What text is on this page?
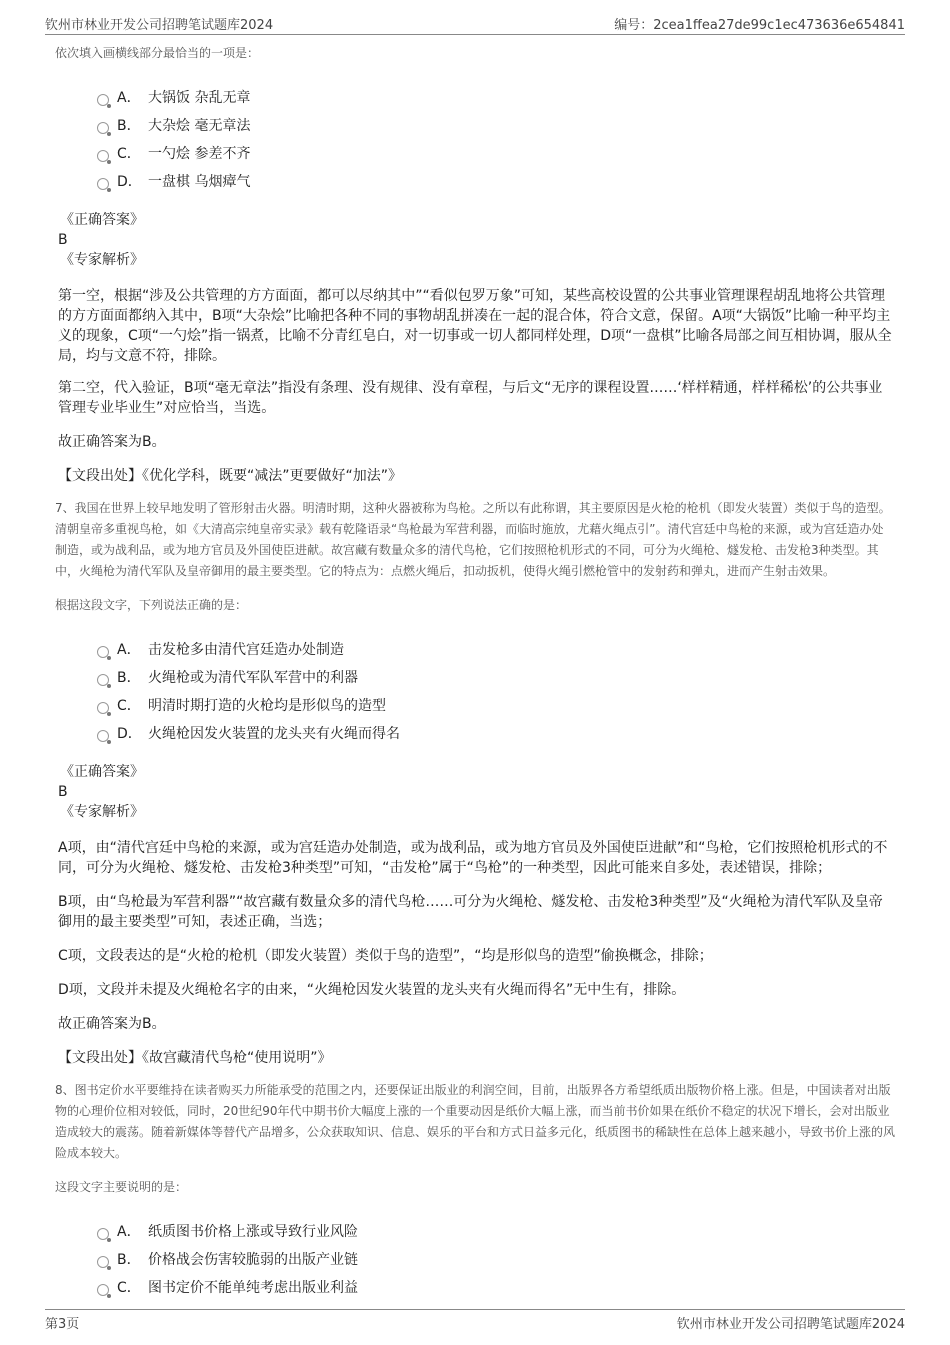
钦州市林业开发公司招聘笔试题库2024	编号：2cea1ffea27de99c1ec473636e654841

依次填入画横线部分最恰当的一项是：

A． 大锅饭 杂乱无章
B． 大杂烩 毫无章法
C． 一勺烩 参差不齐
D． 一盘棋 乌烟瘴气

《正确答案》

B

《专家解析》

第一空，根据“涉及公共管理的方方面面，都可以尽纳其中”“看似包罗万象”可知，某些高校设置的公共事业管理课程胡乱地将公共管理的方方面面都纳入其中，B项“大杂烩”比喻把各种不同的事物胡乱拼凑在一起的混合体，符合文意，保留。A项“大锅饭”比喻一种平均主义的现象，C项“一勺烩”指一锅煮，比喻不分青红皂白，对一切事或一切人都同样处理，D项“一盘棋”比喻各局部之间互相协调，服从全局，均与文意不符，排除。

第二空，代入验证，B项“毫无章法”指没有条理、没有规律、没有章程，与后文“无序的课程设置……‘样样精通，样样稀松’的公共事业管理专业毕业生”对应恰当，当选。

故正确答案为B。

【文段出处】《优化学科，既要“减法”更要做好“加法”》

7、我国在世界上较早地发明了管形射击火器。明清时期，这种火器被称为鸟枪。之所以有此称谓，其主要原因是火枪的枪机（即发火装置）类似于鸟的造型。清朝皇帝多重视鸟枪，如《大清高宗纯皇帝实录》载有乾隆语录“鸟枪最为军营利器，而临时施放，尤藉火绳点引”。清代宫廷中鸟枪的来源，或为宫廷造办处制造，或为战利品，或为地方官员及外国使臣进献。故宫藏有数量众多的清代鸟枪，它们按照枪机形式的不同，可分为火绳枪、燧发枪、击发枪3种类型。其中，火绳枪为清代军队及皇帝御用的最主要类型。它的特点为：点燃火绳后，扣动扳机，使得火绳引燃枪管中的发射药和弹丸，进而产生射击效果。

根据这段文字，下列说法正确的是：

A． 击发枪多由清代宫廷造办处制造
B． 火绳枪或为清代军队军营中的利器
C． 明清时期打造的火枪均是形似鸟的造型
D． 火绳枪因发火装置的龙头夹有火绳而得名

《正确答案》

B

《专家解析》

A项，由“清代宫廷中鸟枪的来源，或为宫廷造办处制造，或为战利品，或为地方官员及外国使臣进献”和“鸟枪，它们按照枪机形式的不同，可分为火绳枪、燧发枪、击发枪3种类型”可知，“击发枪”属于“鸟枪”的一种类型，因此可能来自多处，表述错误，排除；

B项，由“鸟枪最为军营利器”“故宫藏有数量众多的清代鸟枪……可分为火绳枪、燧发枪、击发枪3种类型”及“火绳枪为清代军队及皇帝御用的最主要类型”可知，表述正确，当选；

C项，文段表达的是“火枪的枪机（即发火装置）类似于鸟的造型”，“均是形似鸟的造型”偷换概念，排除；

D项，文段并未提及火绳枪名字的由来，“火绳枪因发火装置的龙头夹有火绳而得名”无中生有，排除。

故正确答案为B。

【文段出处】《故宫藏清代鸟枪“使用说明”》

8、图书定价水平要维持在读者购买力所能承受的范围之内，还要保证出版业的利润空间，目前，出版界各方希望纸质出版物价格上涨。但是，中国读者对出版物的心理价位相对较低，同时，20世纪90年代中期书价大幅度上涨的一个重要动因是纸价大幅上涨，而当前书价如果在纸价不稳定的状况下增长，会对出版业造成较大的震荡。随着新媒体等替代产品增多，公众获取知识、信息、娱乐的平台和方式日益多元化，纸质图书的稀缺性在总体上越来越小，导致书价上涨的风险成本较大。

这段文字主要说明的是：

A． 纸质图书价格上涨或导致行业风险
B． 价格战会伤害较脆弱的出版产业链
C． 图书定价不能单纯考虑出版业利益
第3页	钦州市林业开发公司招聘笔试题库2024
